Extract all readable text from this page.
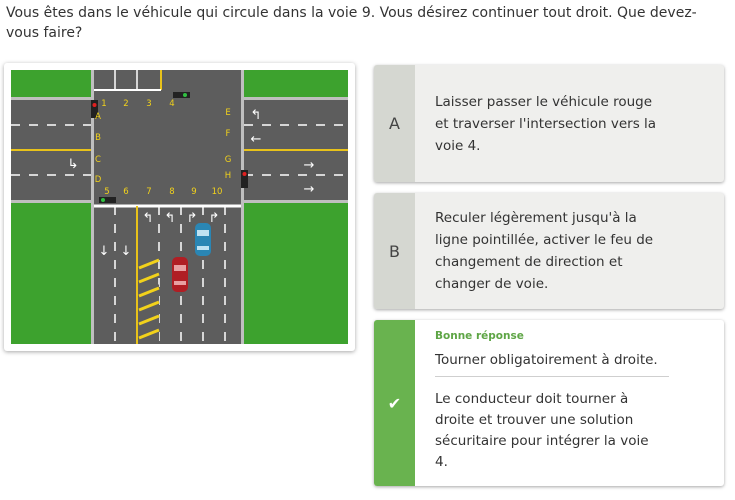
Vous êtes dans le véhicule qui circule dans la voie 9. Vous désirez continuer tout droit. Que devez-vous faire?
↰ ↰ ↱ ↱
↓ ↓
↰
←
→
→
↳
1 2 3 4
5 6 7 8 9 10
A
B
C
D
E
F
G
H
A
Laisser passer le véhicule rouge
et traverser l'intersection vers la
voie 4.
B
Reculer légèrement jusqu'à la
ligne pointillée, activer le feu de
changement de direction et
changer de voie.
✔
Bonne réponse
Tourner obligatoirement à droite.
Le conducteur doit tourner à
droite et trouver une solution
sécuritaire pour intégrer la voie
4.
